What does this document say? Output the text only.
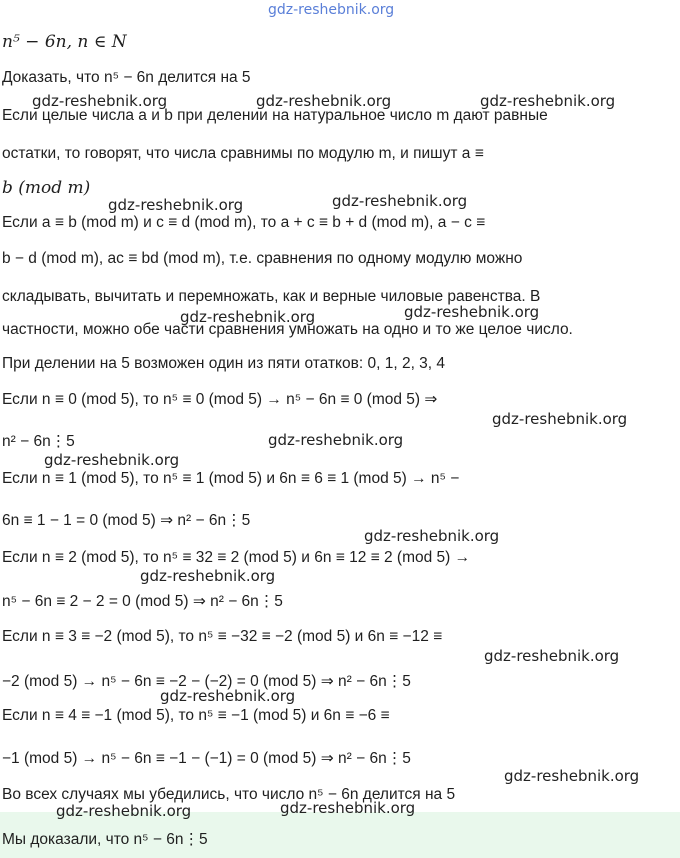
gdz-reshebnik.org
n⁵ − 6n, n ∈ N
Доказать, что n⁵ − 6n делится на 5
gdz-reshebnik.org	gdz-reshebnik.org	gdz-reshebnik.org
Если целые числа a и b при делении на натуральное число m дают равные
остатки, то говорят, что числа сравнимы по модулю m, и пишут a ≡
b (mod m)
gdz-reshebnik.org	gdz-reshebnik.org
Если a ≡ b (mod m) и c ≡ d (mod m), то a + c ≡ b + d (mod m), a − c ≡
b − d (mod m), ac ≡ bd (mod m), т.е. сравнения по одному модулю можно
складывать, вычитать и перемножать, как и верные чиловые равенства. В
gdz-reshebnik.org	gdz-reshebnik.org
частности, можно обе части сравнения умножать на одно и то же целое число.
При делении на 5 возможен один из пяти отатков: 0, 1, 2, 3, 4
Если n ≡ 0 (mod 5), то n⁵ ≡ 0 (mod 5) → n⁵ − 6n ≡ 0 (mod 5) ⇒
gdz-reshebnik.org
n² − 6n⋮5	gdz-reshebnik.org
gdz-reshebnik.org
Если n ≡ 1 (mod 5), то n⁵ ≡ 1 (mod 5) и 6n ≡ 6 ≡ 1 (mod 5) → n⁵ −
6n ≡ 1 − 1 = 0 (mod 5) ⇒ n² − 6n⋮5
gdz-reshebnik.org
Если n ≡ 2 (mod 5), то n⁵ ≡ 32 ≡ 2 (mod 5) и 6n ≡ 12 ≡ 2 (mod 5) →
gdz-reshebnik.org
n⁵ − 6n ≡ 2 − 2 = 0 (mod 5) ⇒ n² − 6n⋮5
Если n ≡ 3 ≡ −2 (mod 5), то n⁵ ≡ −32 ≡ −2 (mod 5) и 6n ≡ −12 ≡
gdz-reshebnik.org
−2 (mod 5) → n⁵ − 6n ≡ −2 − (−2) = 0 (mod 5) ⇒ n² − 6n⋮5
gdz-reshebnik.org
Если n ≡ 4 ≡ −1 (mod 5), то n⁵ ≡ −1 (mod 5) и 6n ≡ −6 ≡
−1 (mod 5) → n⁵ − 6n ≡ −1 − (−1) = 0 (mod 5) ⇒ n² − 6n⋮5
gdz-reshebnik.org
Во всех случаях мы убедились, что число n⁵ − 6n делится на 5
Мы доказали, что n⁵ − 6n⋮5
gdz-reshebnik.org	gdz-reshebnik.org
